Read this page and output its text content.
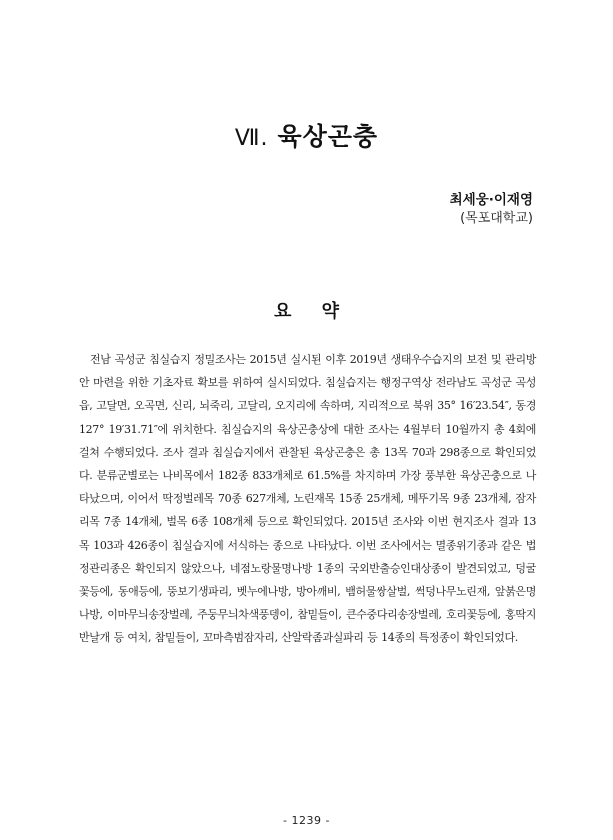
Ⅶ. 육상곤충
최세웅·이재영
(목포대학교)
요 약

전남 곡성군 침실습지 정밀조사는 2015년 실시된 이후 2019년 생태우수습지의 보전 및 관리방안 마련을 위한 기초자료 확보를 위하여 실시되었다. 침실습지는 행정구역상 전라남도 곡성군 곡성읍, 고달면, 오곡면, 신리, 뇌죽리, 고달리, 오지리에 속하며, 지리적으로 북위 35° 16′23.54″, 동경 127° 19′31.71″에 위치한다. 침실습지의 육상곤충상에 대한 조사는 4월부터 10월까지 총 4회에 걸쳐 수행되었다. 조사 결과 침실습지에서 관찰된 육상곤충은 총 13목 70과 298종으로 확인되었다. 분류군별로는 나비목에서 182종 833개체로 61.5%를 차지하며 가장 풍부한 육상곤충으로 나타났으며, 이어서 딱정벌레목 70종 627개체, 노린재목 15종 25개체, 메뚜기목 9종 23개체, 잠자리목 7종 14개체, 벌목 6종 108개체 등으로 확인되었다. 2015년 조사와 이번 현지조사 결과 13목 103과 426종이 침실습지에 서식하는 종으로 나타났다. 이번 조사에서는 멸종위기종과 같은 법정관리종은 확인되지 않았으나, 네점노랑물명나방 1종의 국외반출승인대상종이 발견되었고, 덩굴꽃등에, 동애등에, 뚱보기생파리, 벳누에나방, 방아깨비, 뱀허물쌍살벌, 썩덩나무노린재, 앞붉은명나방, 이마무늬송장벌레, 주둥무늬차색풍뎅이, 참밑들이, 큰수중다리송장벌레, 호리꽃등에, 홍딱지반날개 등 여치, 참밑들이, 꼬마측범잠자리, 산알락좀과실파리 등 14종의 특정종이 확인되었다.

- 1239 -
